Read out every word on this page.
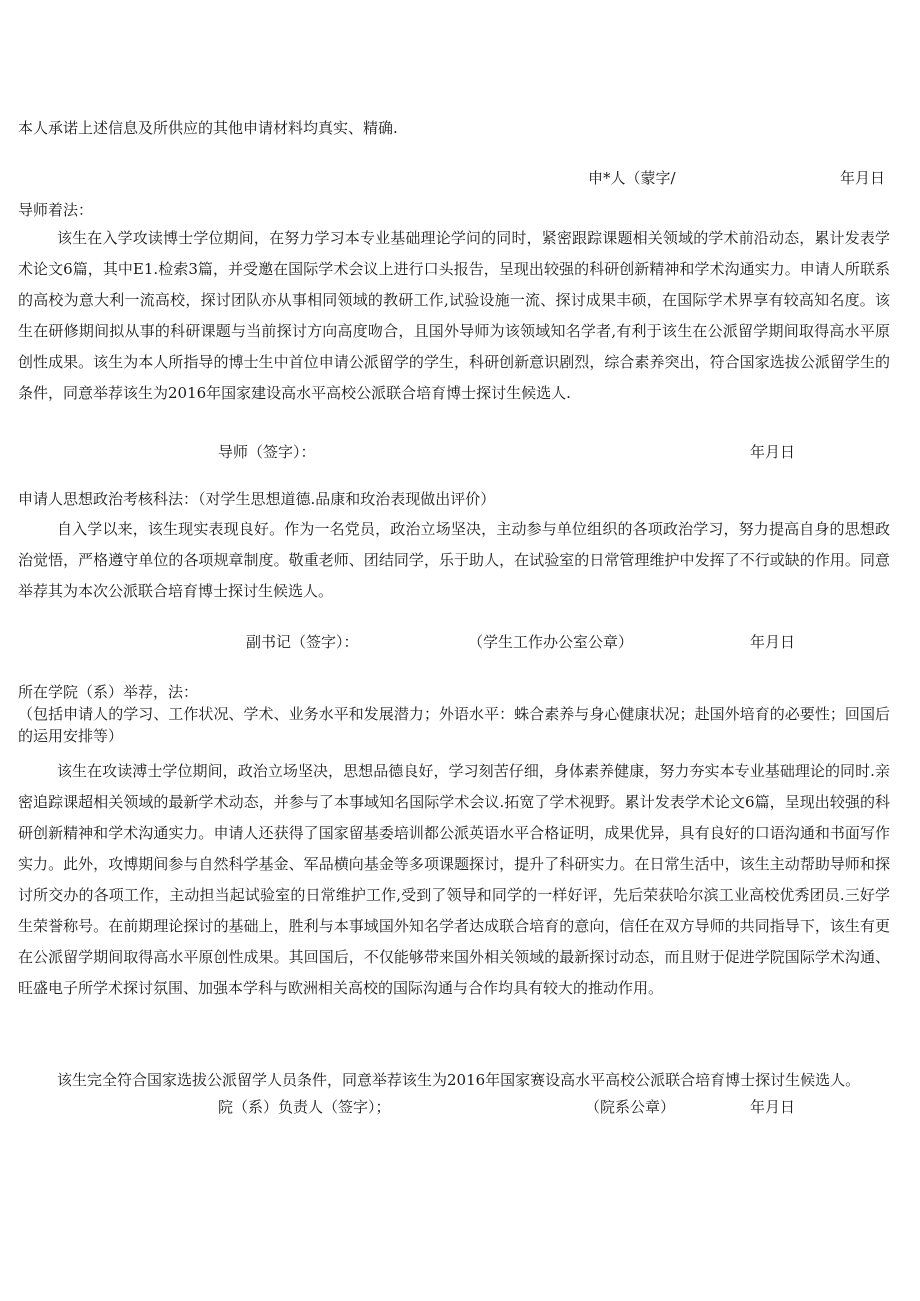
本人承诺上述信息及所供应的其他申请材料均真实、精确.
申*人（蒙字/	年月日
导师着法：
该生在入学攻读博士学位期间，在努力学习本专业基础理论学问的同时，紧密跟踪课题相关领域的学术前沿动态，累计发表学术论文6篇，其中E1.检索3篇，并受邀在国际学术会议上进行口头报告，呈现出较强的科研创新精神和学术沟通实力。申请人所联系的高校为意大利一流高校，探讨团队亦从事相同领域的教研工作,试验设施一流、探讨成果丰硕，在国际学术界享有较高知名度。该生在研修期间拟从事的科研课题与当前探讨方向高度吻合，且国外导师为该领域知名学者,有利于该生在公派留学期间取得高水平原创性成果。该生为本人所指导的博士生中首位申请公派留学的学生，科研创新意识剧烈，综合素养突出，符合国家选拔公派留学生的条件，同意举荐该生为2016年国家建设高水平高校公派联合培育博士探讨生候选人.
导师（签字）：	年月日
申请人思想政治考核科法：（对学生思想道德.品康和玫治表现做出评价）
自入学以来，该生现实表现良好。作为一名党员，政治立场坚决，主动参与单位组织的各项政治学习，努力提高自身的思想政治觉悟，严格遵守单位的各项规章制度。敬重老师、团结同学，乐于助人，在试验室的日常管理维护中发挥了不行或缺的作用。同意举荐其为本次公派联合培育博士探讨生候选人。
副书记（签字）：	（学生工作办公室公章）	年月日
所在学院（系）举荐，法：
（包括申请人的学习、工作状况、学术、业务水平和发展潜力；外语水平：蛛合素养与身心健康状况；赴国外培育的必要性；回国后的运用安排等）
该生在攻读溥士学位期间，政治立场坚决，思想品德良好，学习刻苦仔细，身体素养健康，努力夯实本专业基础理论的同时.亲密追踪课超相关领域的最新学术动态，并参与了本事域知名国际学术会议.拓宽了学术视野。累计发表学术论文6篇，呈现出较强的科研创新精神和学术沟通实力。申请人还获得了国家留基委培训都公派英语水平合格证明，成果优异，具有良好的口语沟通和书面写作实力。此外，攻博期间参与自然科学基金、军品横向基金等多项课题探讨，提升了科研实力。在日常生活中，该生主动帮助导师和探讨所交办的各项工作，主动担当起试验室的日常维护工作,受到了领导和同学的一样好评，先后荣获哈尔滨工业高校优秀团员.三好学生荣誉称号。在前期理论探讨的基础上，胜利与本事域国外知名学者达成联合培育的意向，信任在双方导师的共同指导下，该生有更在公派留学期间取得高水平原创性成果。其回国后，不仅能够带来国外相关领域的最新探讨动态，而且财于促进学院国际学术沟通、旺盛电子所学术探讨氛围、加强本学科与欧洲相关高校的国际沟通与合作均具有较大的推动作用。
该生完全符合国家选拔公派留学人员条件，同意举荐该生为2016年国家赛设高水平高校公派联合培育博士探讨生候选人。
院（系）负责人（签字）；	（院系公章）	年月日
